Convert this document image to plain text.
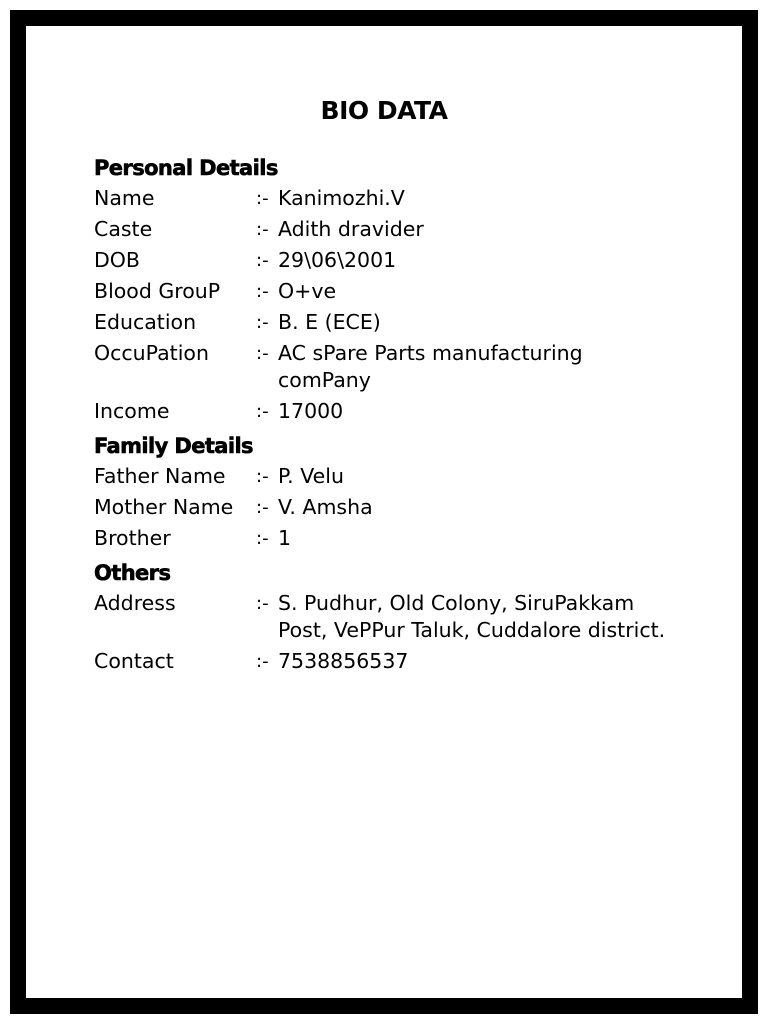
BIO DATA
Personal Details
Name	:- Kanimozhi.V
Caste	:- Adith dravider
DOB	:- 29\06\2001
Blood GrouP	:- O+ve
Education	:- B. E (ECE)
OccuPation	:- AC sPare Parts manufacturing comPany
Income	:- 17000
Family Details
Father Name	:- P. Velu
Mother Name	:- V. Amsha
Brother	:- 1
Others
Address	:- S. Pudhur, Old Colony, SiruPakkam Post, VePPur Taluk, Cuddalore district.
Contact	:- 7538856537
